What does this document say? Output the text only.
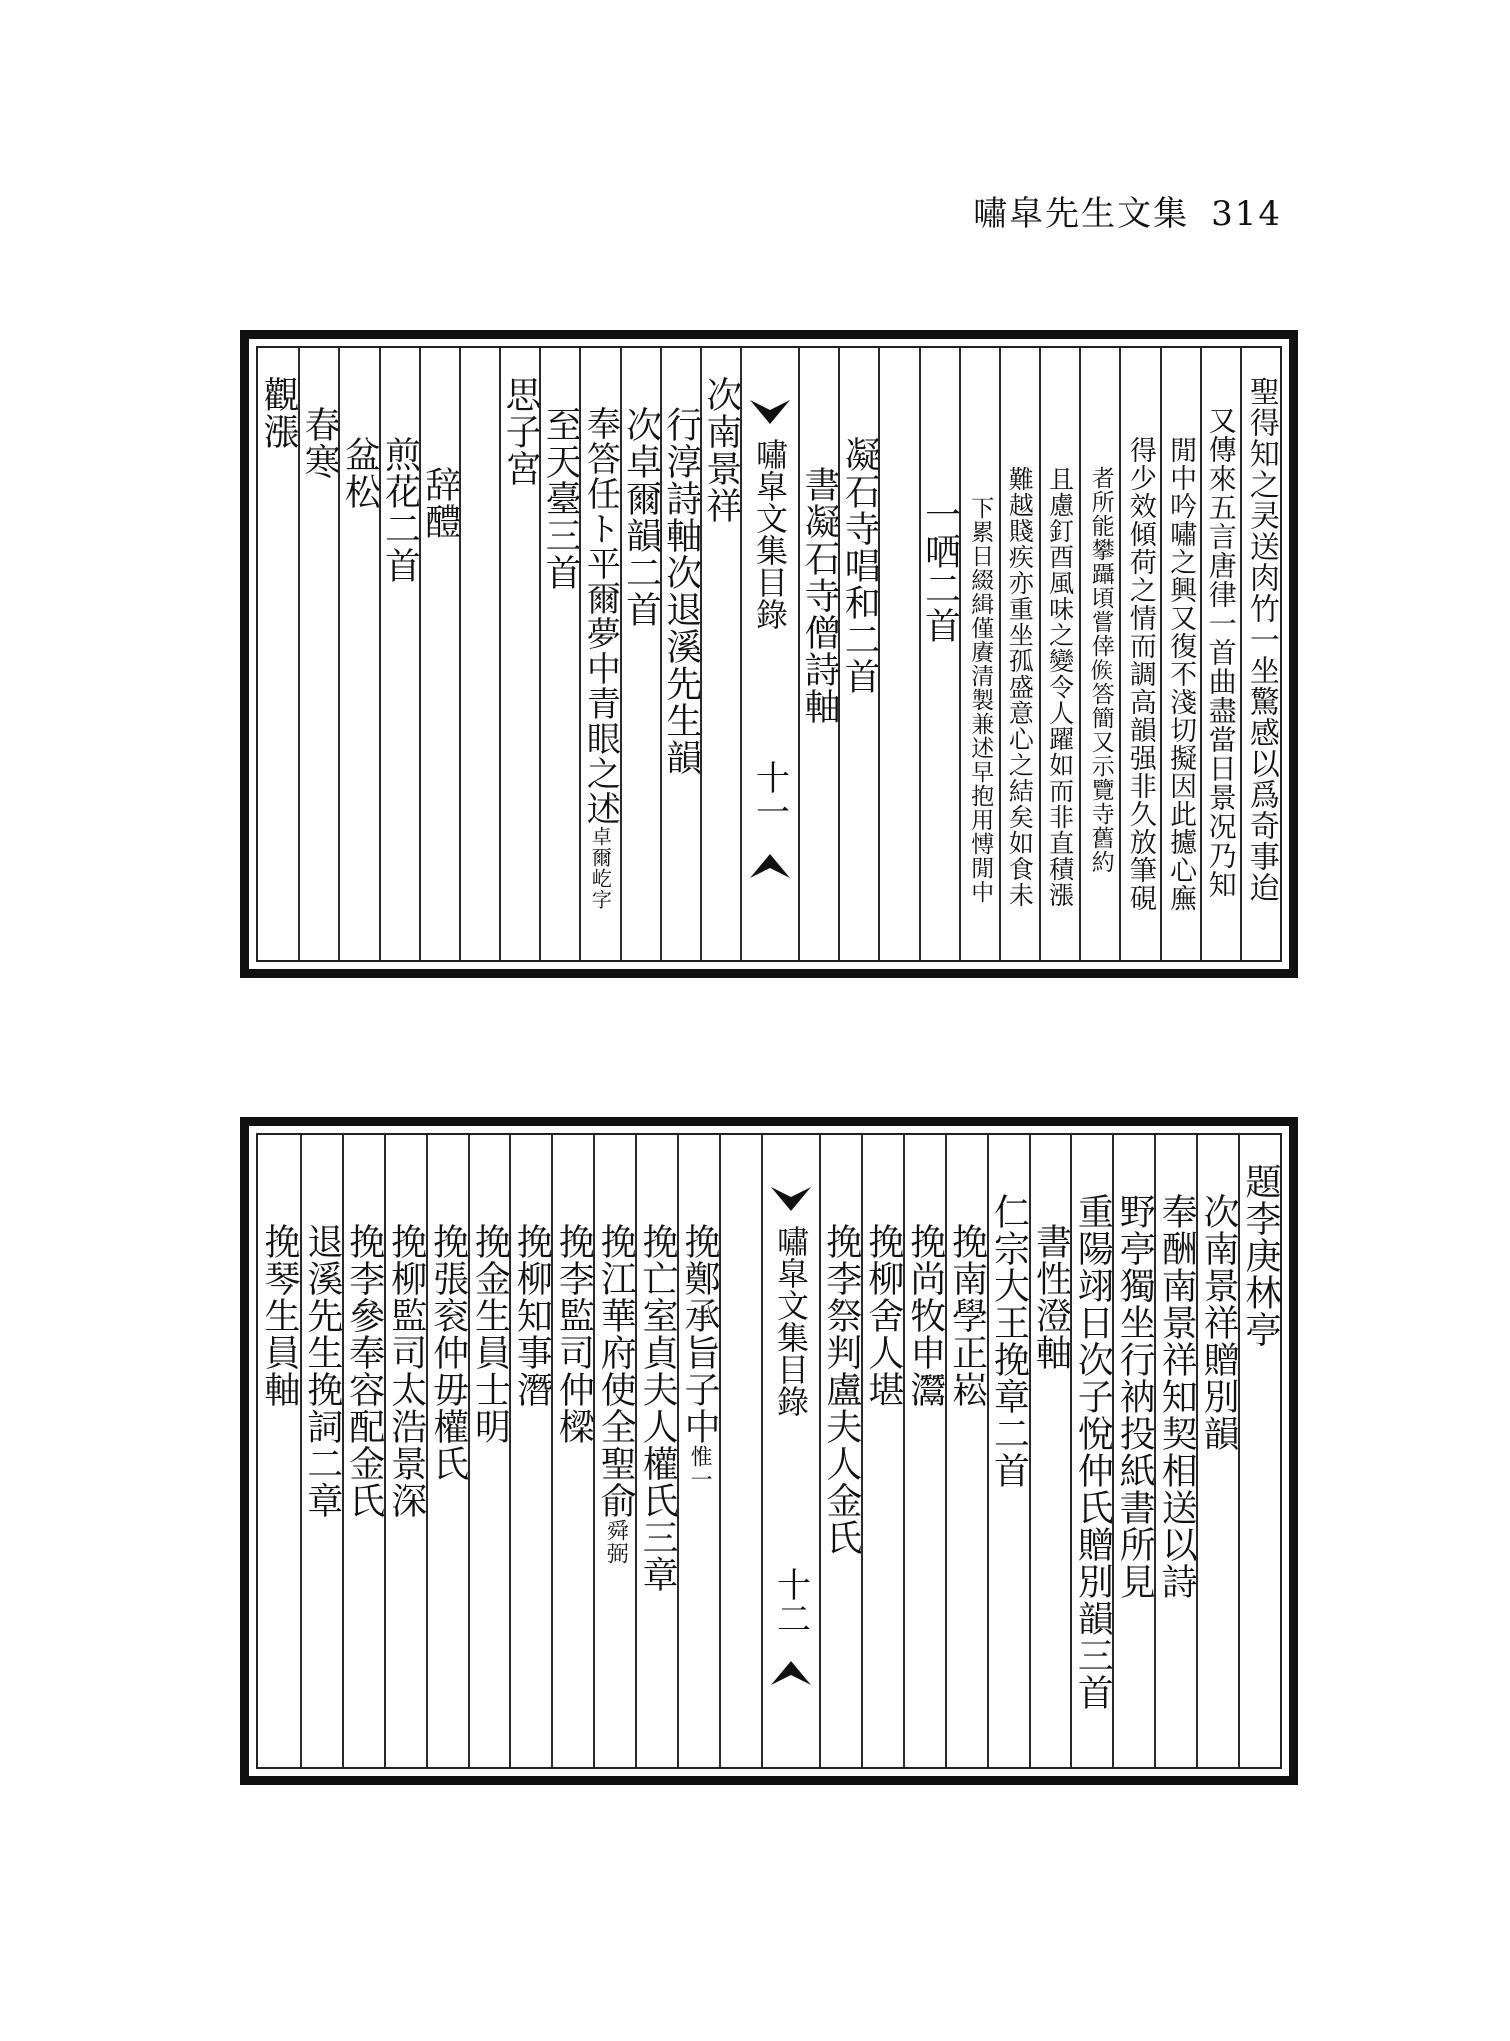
嘯皐先生文集 314
觀漲 春寒 盆松 煎花二首 辞醴
思子宮 至天臺三首 奉答任ト平爾夢中青眼之述卓爾屹字
次卓爾韻二首 行淳詩軸次退溪先生韻 次南景祥 嘯皐文集目錄
十一
書凝石寺僧詩軸 凝石寺唱和二首 一哂二首 下累日綴緝僅賡清製兼述早抱用愽閒中 難越賤疾亦重坐孤盛意心之結矣如食未 且慮釘酉風味之變令人躍如而非直積漲 者所能攀躡頃嘗倖𠊱答簡又示覽寺舊約 得少效傾荷之情而調高韻强非久放筆硯 閒中吟嘯之興又復不淺切擬因此攄心廡 又傳來五言唐律一首曲盡當日景况乃知 聖得知之㚑送肉竹一坐驚感以爲奇事迨
挽琴生員軸 退溪先生挽詞二章 挽李參奉容配金氏 挽柳監司太浩景深 挽張衮仲毋權氏 挽金生員士明 挽柳知事潛 挽李監司仲樑 挽江華府使全聖俞舜弼 挽亡室貞夫人權氏三章 挽鄭承旨子中惟一
嘯皐文集目錄
十二
挽李祭判盧夫人金氏 挽柳舍人堪 挽尚牧申灊 挽南學正崧 仁宗大王挽章二首 書性澄軸 重陽翊日次子悅仲氏贈別韻三首 野亭獨坐行衲投紙書所見 奉酬南景祥知契相送以詩 次南景祥贈別韻 題李庚林亭
